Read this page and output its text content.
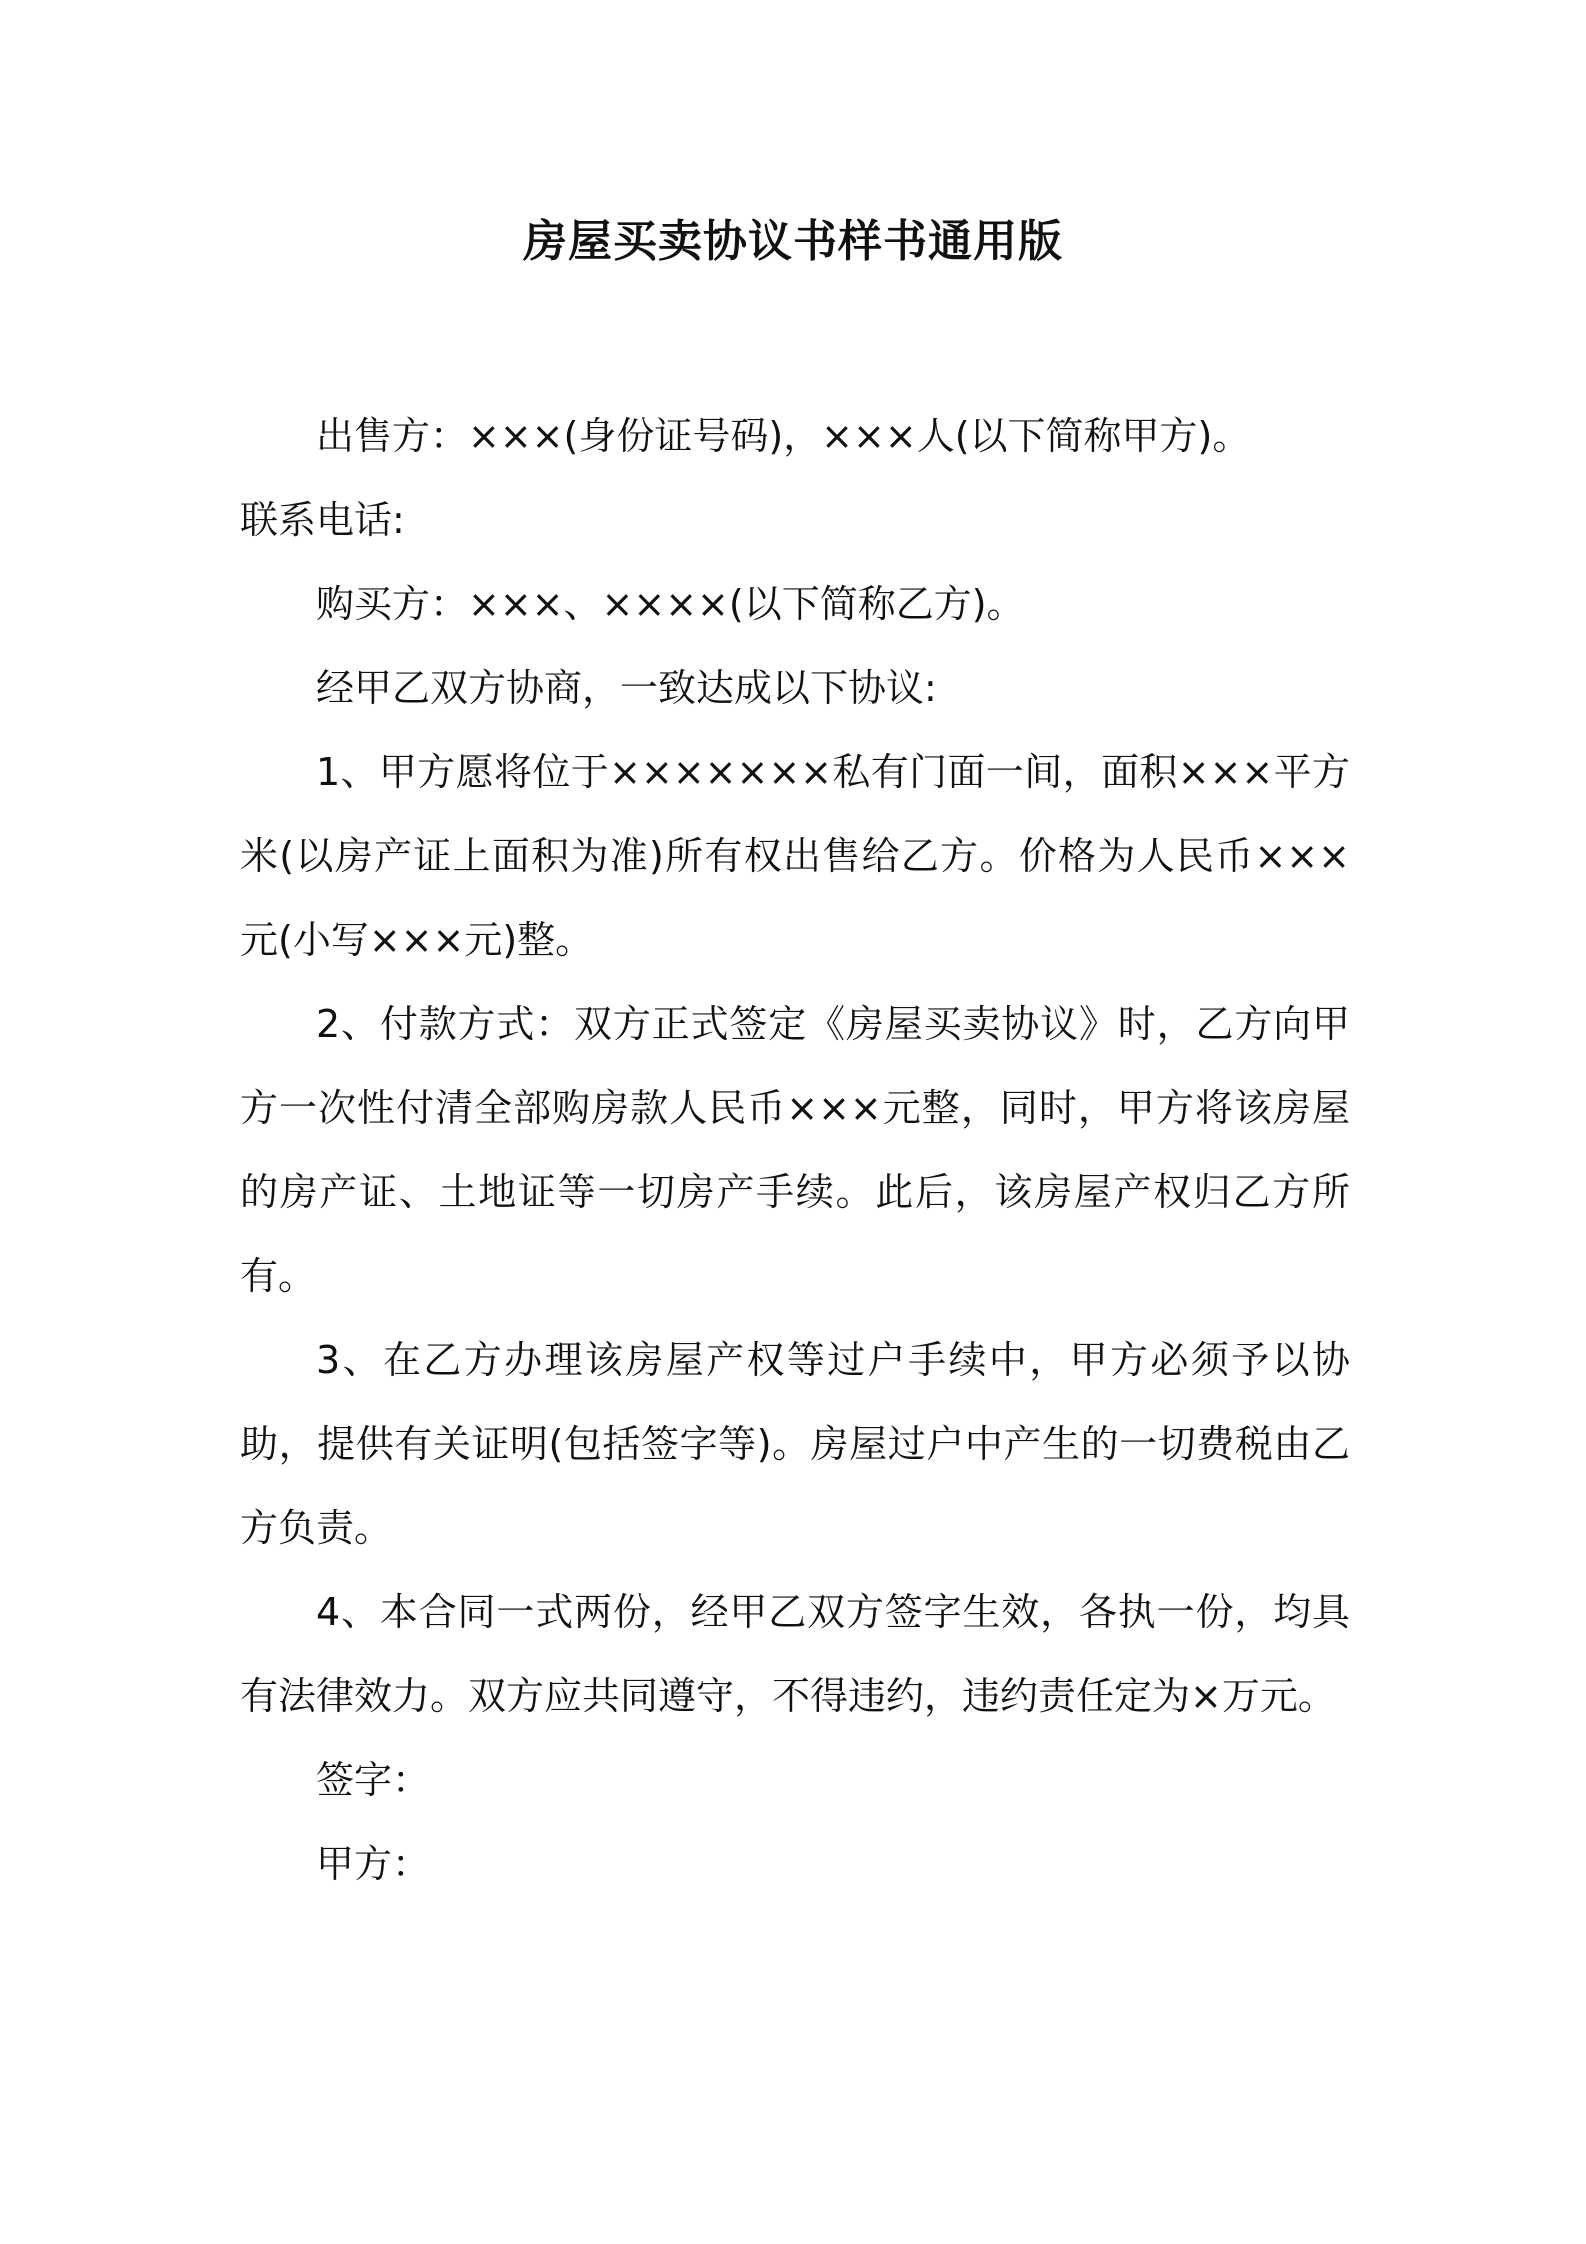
房屋买卖协议书样书通用版

出售方：×××(身份证号码)，×××人(以下简称甲方)。

联系电话:

购买方：×××、××××(以下简称乙方)。

经甲乙双方协商，一致达成以下协议:

1、甲方愿将位于×××××××私有门面一间，面积×××平方米(以房产证上面积为准)所有权出售给乙方。价格为人民币×××元(小写×××元)整。

2、付款方式：双方正式签定《房屋买卖协议》时，乙方向甲方一次性付清全部购房款人民币×××元整，同时，甲方将该房屋的房产证、土地证等一切房产手续。此后，该房屋产权归乙方所有。

3、在乙方办理该房屋产权等过户手续中，甲方必须予以协助，提供有关证明(包括签字等)。房屋过户中产生的一切费税由乙方负责。

4、本合同一式两份，经甲乙双方签字生效，各执一份，均具有法律效力。双方应共同遵守，不得违约，违约责任定为×万元。

签字：

甲方：
